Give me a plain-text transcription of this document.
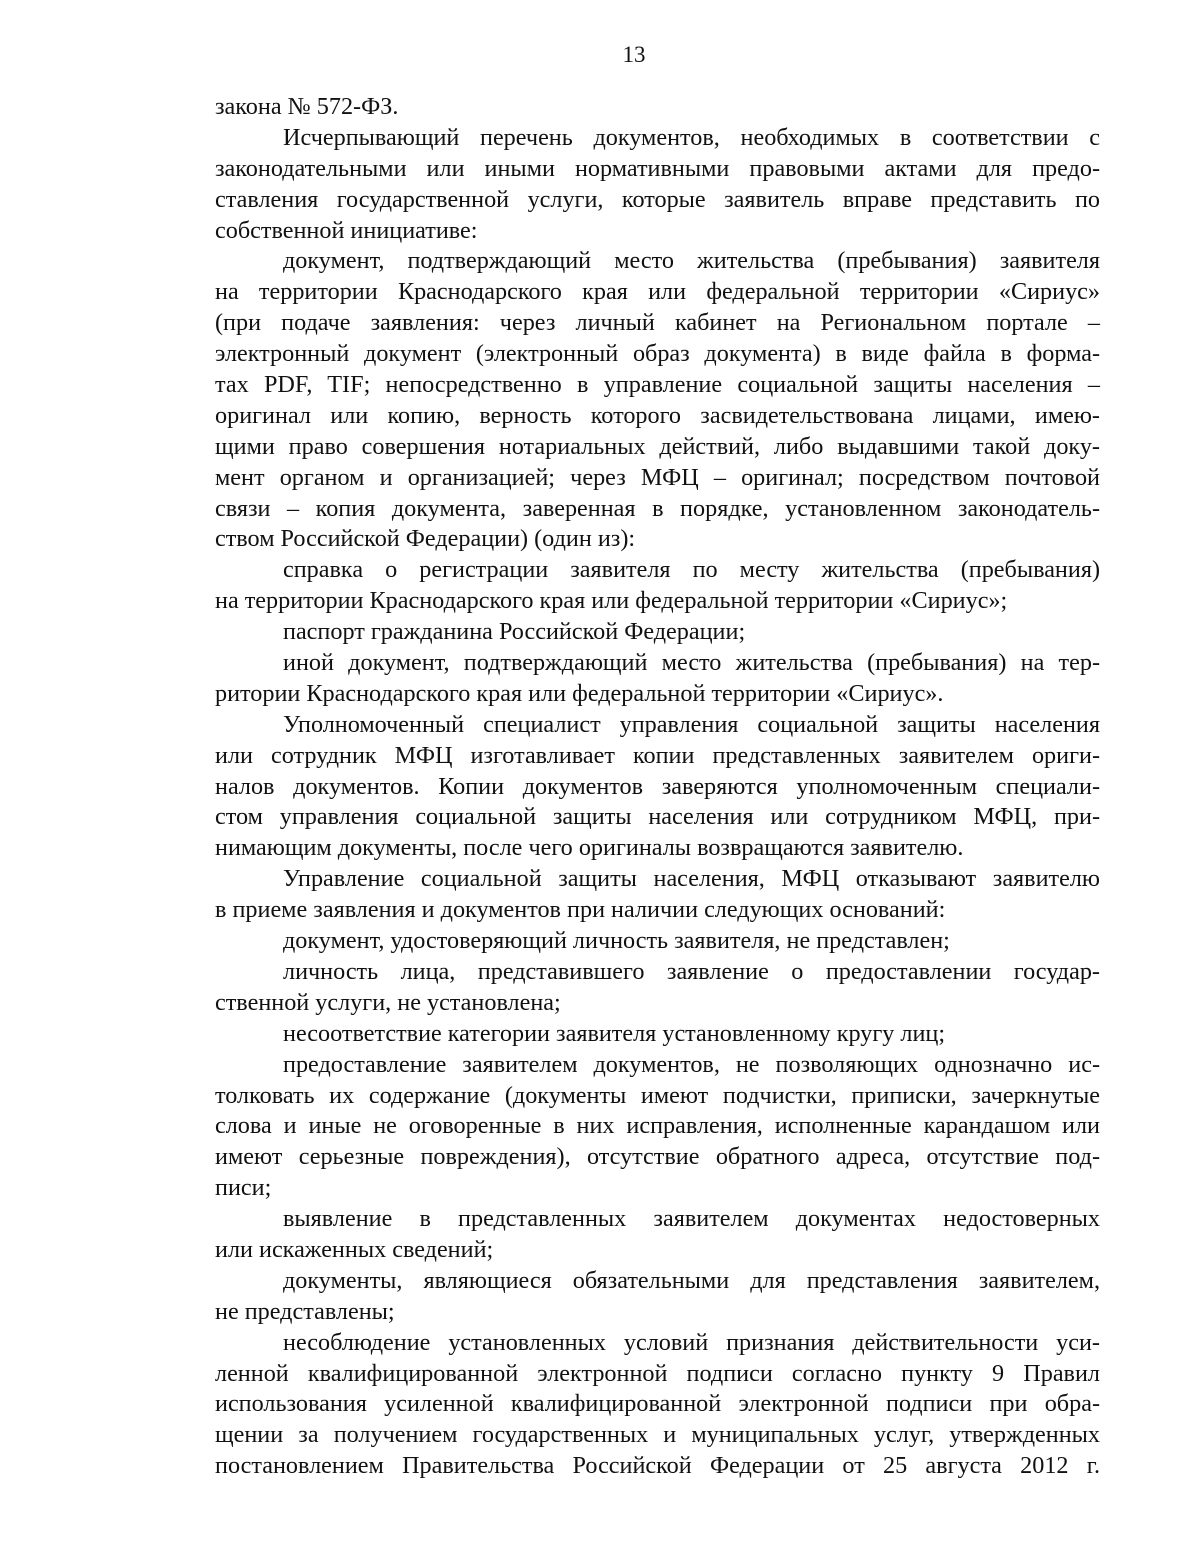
13
закона № 572-ФЗ.
Исчерпывающий перечень документов, необходимых в соответствии с
законодательными или иными нормативными правовыми актами для предо-
ставления государственной услуги, которые заявитель вправе представить по
собственной инициативе:
документ, подтверждающий место жительства (пребывания) заявителя
на территории Краснодарского края или федеральной территории «Сириус»
(при подаче заявления: через личный кабинет на Региональном портале –
электронный документ (электронный образ документа) в виде файла в форма-
тах PDF, TIF; непосредственно в управление социальной защиты населения –
оригинал или копию, верность которого засвидетельствована лицами, имею-
щими право совершения нотариальных действий, либо выдавшими такой доку-
мент органом и организацией; через МФЦ – оригинал; посредством почтовой
связи – копия документа, заверенная в порядке, установленном законодатель-
ством Российской Федерации) (один из):
справка о регистрации заявителя по месту жительства (пребывания)
на территории Краснодарского края или федеральной территории «Сириус»;
паспорт гражданина Российской Федерации;
иной документ, подтверждающий место жительства (пребывания) на тер-
ритории Краснодарского края или федеральной территории «Сириус».
Уполномоченный специалист управления социальной защиты населения
или сотрудник МФЦ изготавливает копии представленных заявителем ориги-
налов документов. Копии документов заверяются уполномоченным специали-
стом управления социальной защиты населения или сотрудником МФЦ, при-
нимающим документы, после чего оригиналы возвращаются заявителю.
Управление социальной защиты населения, МФЦ отказывают заявителю
в приеме заявления и документов при наличии следующих оснований:
документ, удостоверяющий личность заявителя, не представлен;
личность лица, представившего заявление о предоставлении государ-
ственной услуги, не установлена;
несоответствие категории заявителя установленному кругу лиц;
предоставление заявителем документов, не позволяющих однозначно ис-
толковать их содержание (документы имеют подчистки, приписки, зачеркнутые
слова и иные не оговоренные в них исправления, исполненные карандашом или
имеют серьезные повреждения), отсутствие обратного адреса, отсутствие под-
писи;
выявление в представленных заявителем документах недостоверных
или искаженных сведений;
документы, являющиеся обязательными для представления заявителем,
не представлены;
несоблюдение установленных условий признания действительности уси-
ленной квалифицированной электронной подписи согласно пункту 9 Правил
использования усиленной квалифицированной электронной подписи при обра-
щении за получением государственных и муниципальных услуг, утвержденных
постановлением Правительства Российской Федерации от 25 августа 2012 г.
